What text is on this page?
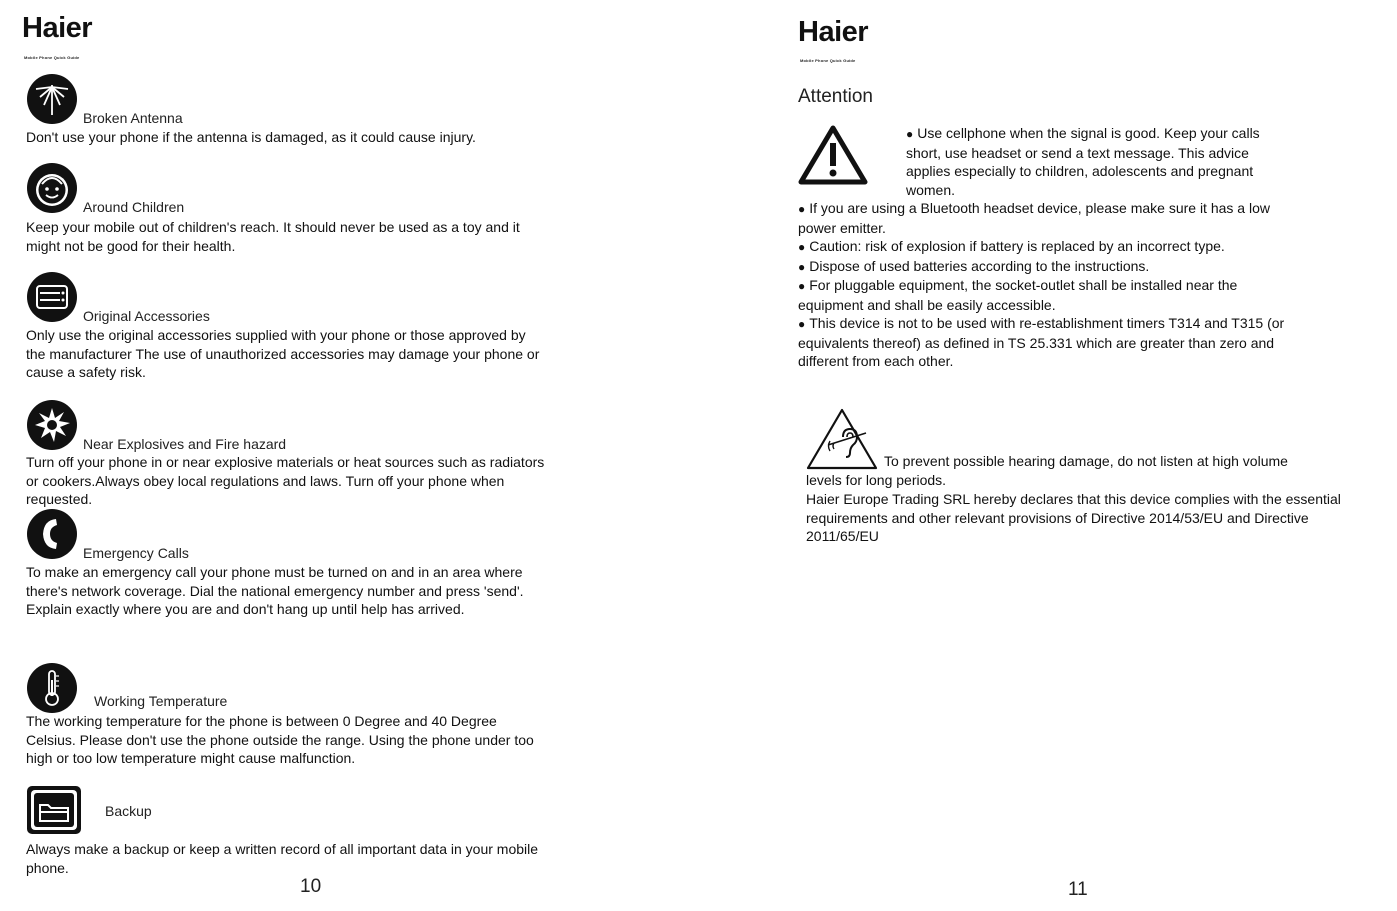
Haier
Mobile Phone Quick Guide
Broken Antenna

Don't use your phone if the antenna is damaged, as it could cause injury.

Around Children

Keep your mobile out of children's reach. It should never be used as a toy and it might not be good for their health.

Original Accessories

Only use the original accessories supplied with your phone or those approved by the manufacturer The use of unauthorized accessories may damage your phone or cause a safety risk.

Near Explosives and Fire hazard

Turn off your phone in or near explosive materials or heat sources such as radiators or cookers.Always obey local regulations and laws. Turn off your phone when requested.

Emergency Calls

To make an emergency call your phone must be turned on and in an area where there's network coverage. Dial the national emergency number and press 'send'. Explain exactly where you are and don't hang up until help has arrived.

Working Temperature

The working temperature for the phone is between 0 Degree and 40 Degree Celsius. Please don't use the phone outside the range. Using the phone under too high or too low temperature might cause malfunction.

Backup

Always make a backup or keep a written record of all important data in your mobile phone.

10
Haier
Mobile Phone Quick Guide
Attention
● Use cellphone when the signal is good. Keep your calls short, use headset or send a text message. This advice applies especially to children, adolescents and pregnant women.
● If you are using a Bluetooth headset device, please make sure it has a low power emitter.
● Caution: risk of explosion if battery is replaced by an incorrect type.
● Dispose of used batteries according to the instructions.
● For pluggable equipment, the socket-outlet shall be installed near the equipment and shall be easily accessible.
● This device is not to be used with re-establishment timers T314 and T315 (or equivalents thereof) as defined in TS 25.331 which are greater than zero and different from each other.

To prevent possible hearing damage, do not listen at high volume
levels for long periods.

Haier Europe Trading SRL hereby declares that this device complies with the essential requirements and other relevant provisions of Directive 2014/53/EU and Directive 2011/65/EU

11
